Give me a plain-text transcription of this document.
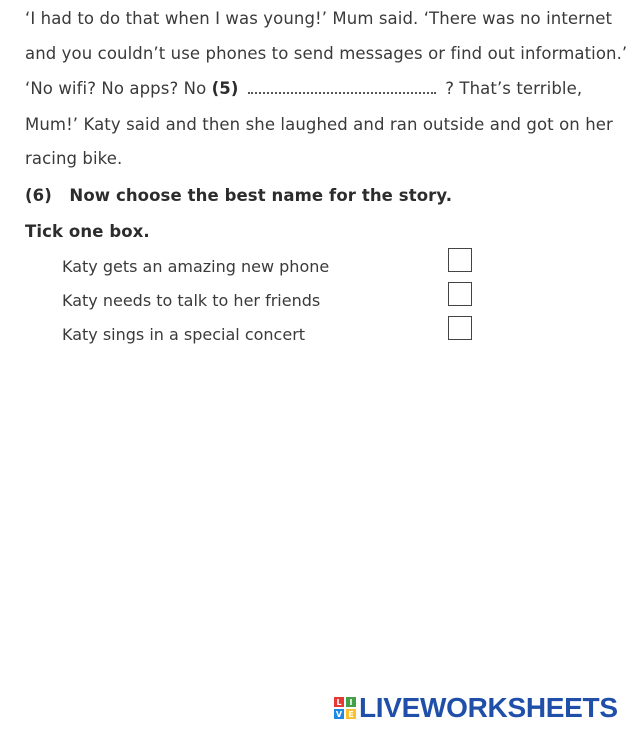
‘I had to do that when I was young!’ Mum said. ‘There was no internet
and you couldn’t use phones to send messages or find out information.’
‘No wifi? No apps? No (5)	? That’s terrible,
Mum!’ Katy said and then she laughed and ran outside and got on her
racing bike.
(6) Now choose the best name for the story.
Tick one box.
Katy gets an amazing new phone
Katy needs to talk to her friends
Katy sings in a special concert
L I
V E LIVEWORKSHEETS
